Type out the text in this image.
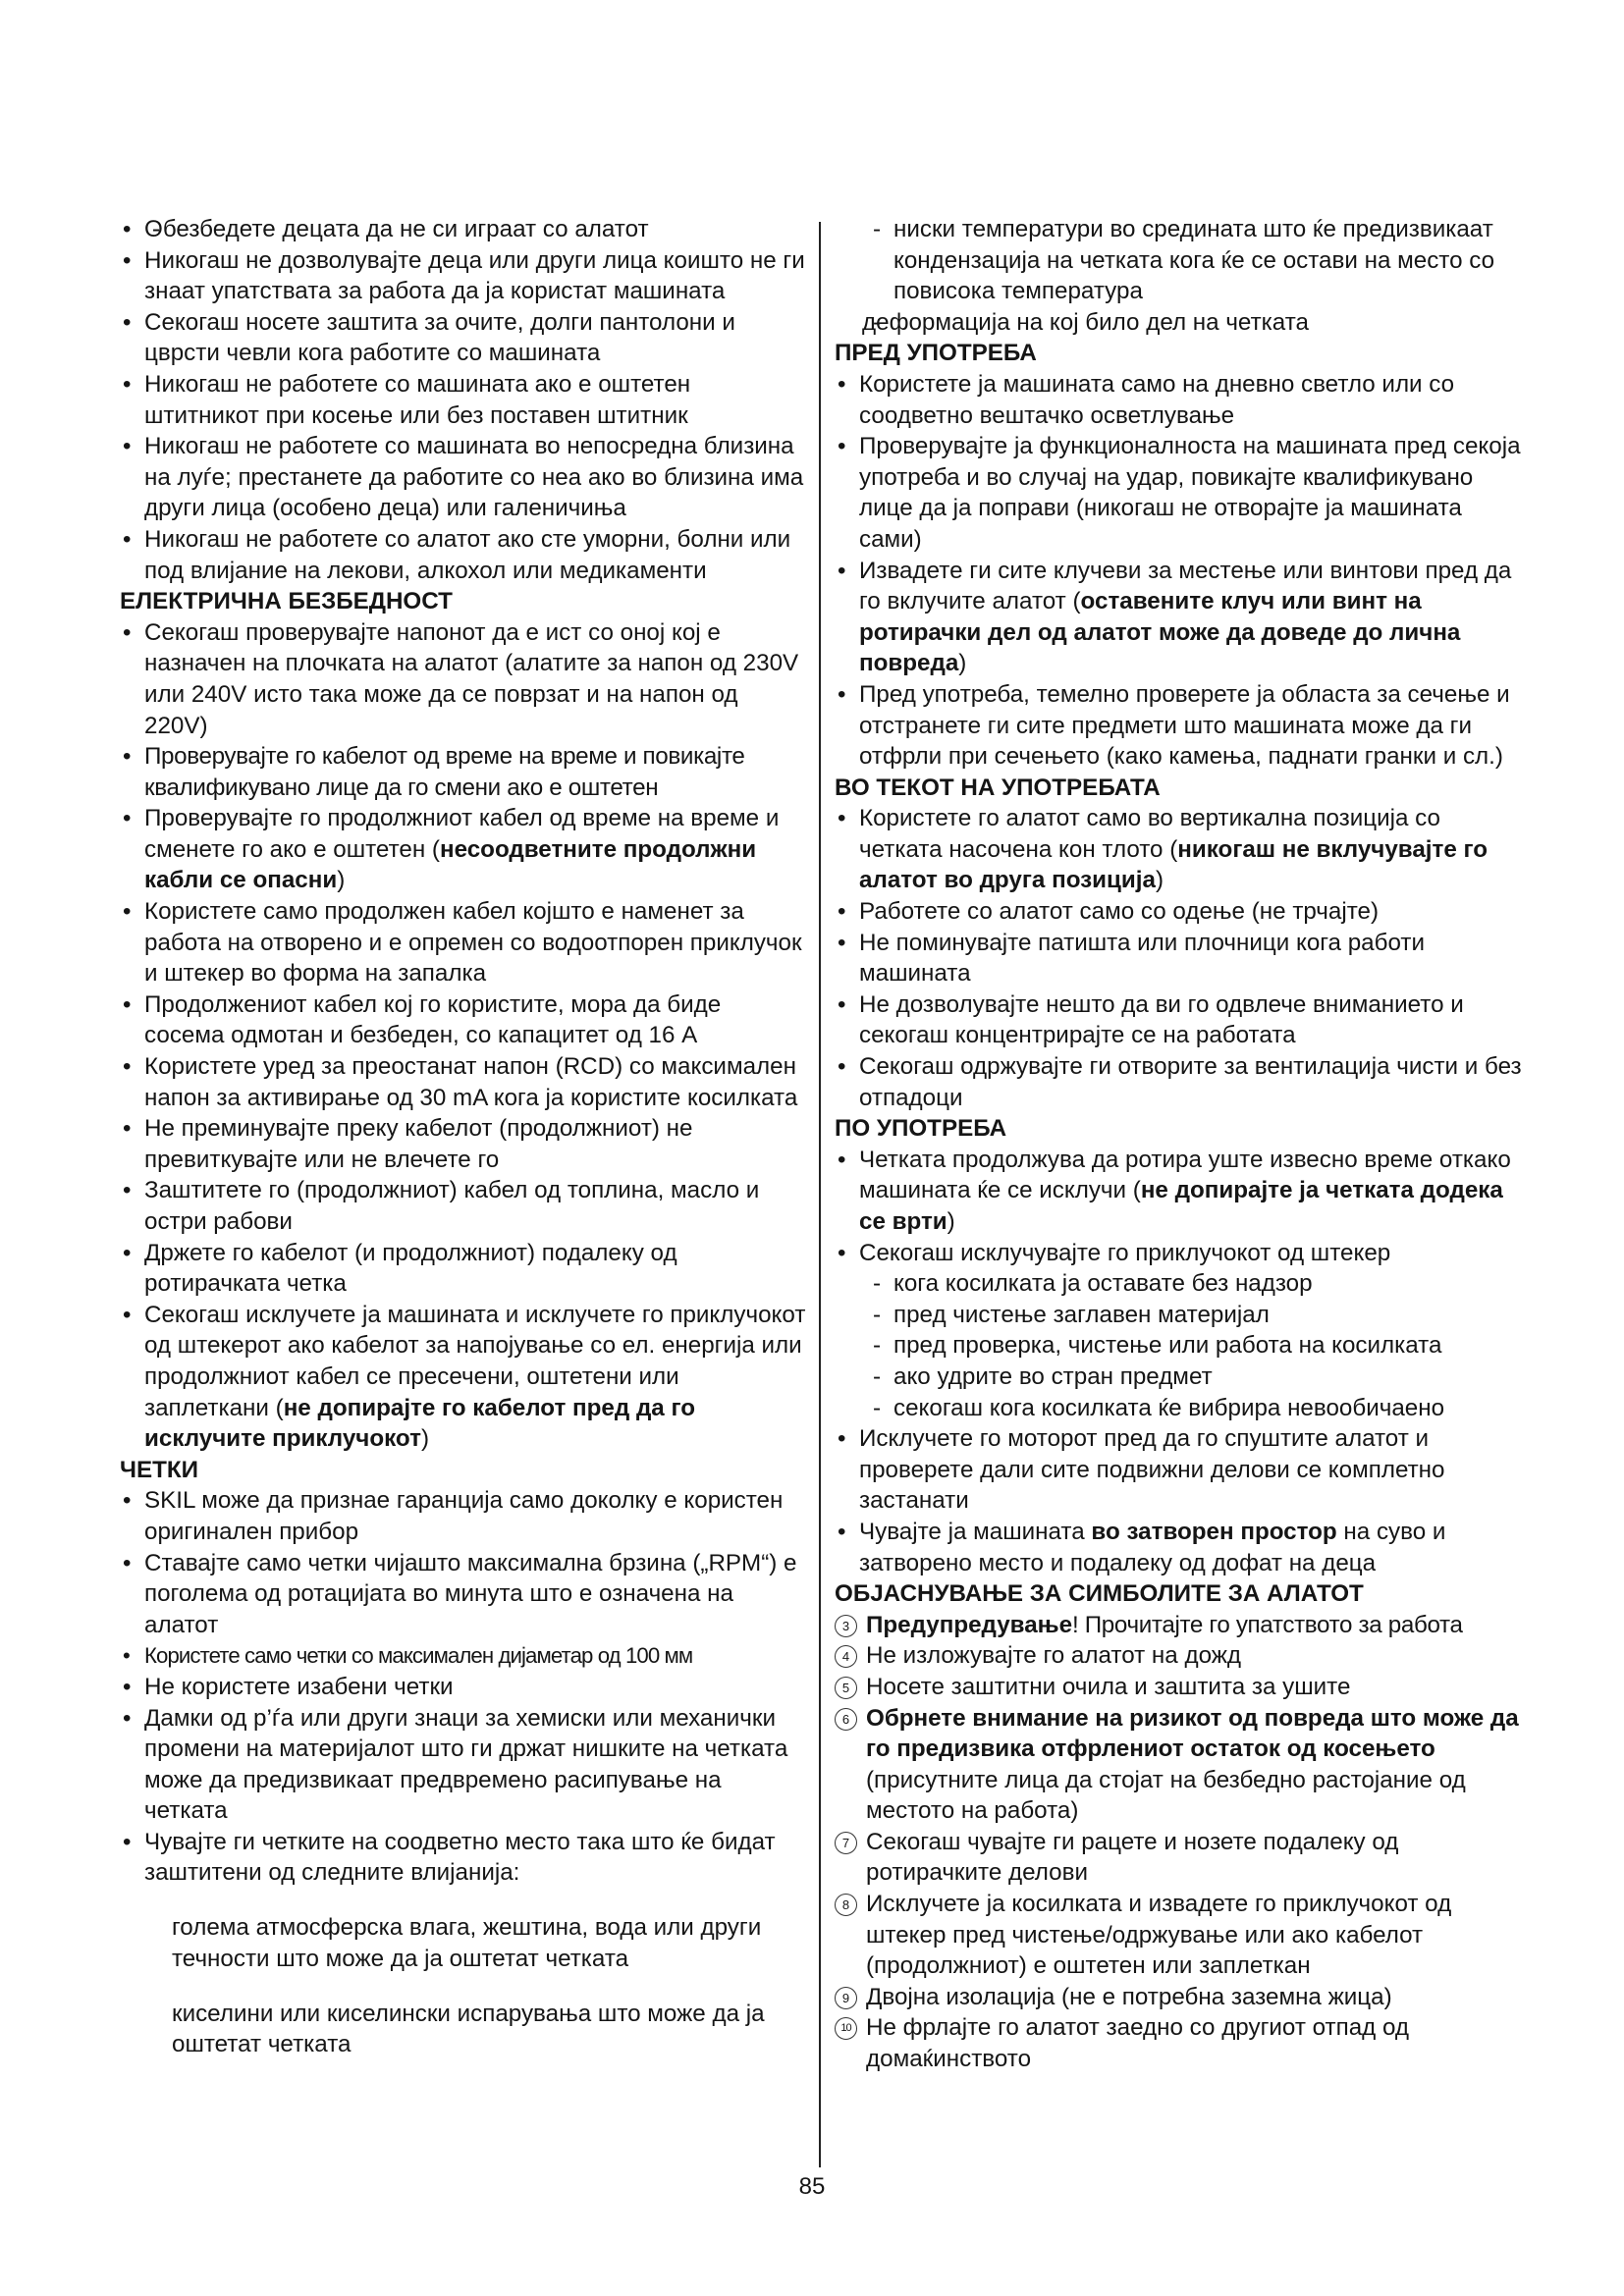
• Обезбедете децата да не си играат со алатот

• Никогаш не дозволувајте деца или други лица коишто не ги знаат упатствата за работа да ја користат машината

• Секогаш носете заштита за очите, долги пантолони и цврсти чевли кога работите со машината

• Никогаш не работете со машината ако е оштетен штитникот при косење или без поставен штитник

• Никогаш не работете со машината во непосредна близина на луѓе; престанете да работите со неа ако во близина има други лица (особено деца) или галеничиња

• Никогаш не работете со алатот ако сте уморни, болни или под влијание на лекови, алкохол или медикаменти

ЕЛЕКТРИЧНА БЕЗБЕДНОСТ

• Секогаш проверувајте напонот да е ист со оној кој е назначен на плочката на алатот (алатите за напон од 230V или 240V исто така може да се поврзат и на напон од 220V)

• Проверувајте го кабелот од време на време и повикајте квалификувано лице да го смени ако е оштетен

• Проверувајте го продолжниот кабел од време на време и сменете го ако е оштетен (несоодветните продолжни кабли се опасни)

• Користете само продолжен кабел којшто е наменет за работа на отворено и е опремен со водоотпорен приклучок и штекер во форма на запалка

• Продолжениот кабел кој го користите, мора да биде сосема одмотан и безбеден, со капацитет од 16 A

• Користете уред за преостанат напон (RCD) со максимален напон за активирање од 30 mA кога ја користите косилката

• Не преминувајте преку кабелот (продолжниот) не превиткувајте или не влечете го

• Заштитете го (продолжниот) кабел од топлина, масло и остри рабови

• Држете го кабелот (и продолжниот) подалеку од ротирачката четка

• Секогаш исклучете ја машината и исклучете го приклучокот од штекерот ако кабелот за напојување со ел. енергија или продолжниот кабел се пресечени, оштетени или заплеткани (не допирајте го кабелот пред да го исклучите приклучокот)

ЧЕТКИ

• SKIL може да признае гаранција само доколку е користен оригинален прибор

• Ставајте само четки чијашто максимална брзина („RPM“) е поголема од ротацијата во минута што е означена на алатот

• Користете само четки со максимален дијаметар од 100 мм

• Не користете изабени четки

• Дамки од р’ѓа или други знаци за хемиски или механички промени на материјалот што ги држат нишките на четката може да предизвикаат предвремено расипување на четката

• Чувајте ги четките на соодветно место така што ќе бидат заштитени од следните влијанија:

- голема атмосферска влага, жештина, вода или други течности што може да ја оштетат четката

- киселини или киселински испарувања што може да ја оштетат четката

- ниски температури во средината што ќе предизвикаат кондензација на четката кога ќе се остави на место со повисока температура

- деформација на кој било дел на четката

ПРЕД УПОТРЕБА

• Користете ја машината само на дневно светло или со соодветно вештачко осветлување

• Проверувајте ја функционалноста на машината пред секоја употреба и во случај на удар, повикајте квалификувано лице да ја поправи (никогаш не отворајте ја машината сами)

• Извадете ги сите клучеви за местење или винтови пред да го вклучите алатот (оставените клуч или винт на ротирачки дел од алатот може да доведе до лична повреда)

• Пред употреба, темелно проверете ја областа за сечење и отстранете ги сите предмети што машината може да ги отфрли при сечењето (како камења, паднати гранки и сл.)

ВО ТЕКОТ НА УПОТРЕБАТА

• Користете го алатот само во вертикална позиција со четката насочена кон тлото (никогаш не вклучувајте го алатот во друга позиција)

• Работете со алатот само со одење (не трчајте)

• Не поминувајте патишта или плочници кога работи машината

• Не дозволувајте нешто да ви го одвлече вниманието и секогаш концентрирајте се на работата

• Секогаш одржувајте ги отворите за вентилација чисти и без отпадоци

ПО УПОТРЕБА

• Четката продолжува да ротира уште извесно време откако машината ќе се исклучи (не допирајте ја четката додека се врти)

• Секогаш исклучувајте го приклучокот од штекер

- кога косилката ја оставате без надзор

- пред чистење заглавен материјал

- пред проверка, чистење или работа на косилката

- ако удрите во стран предмет

- секогаш кога косилката ќе вибрира невообичаено

• Исклучете го моторот пред да го спуштите алатот и проверете дали сите подвижни делови се комплетно застанати

• Чувајте ја машината во затворен простор на суво и затворено место и подалеку од дофат на деца

ОБЈАСНУВАЊЕ ЗА СИМБОЛИТЕ ЗА АЛАТОТ

3 Предупредување! Прочитајте го упатството за работа

4 Не изложувајте го алатот на дожд

5 Носете заштитни очила и заштита за ушите

6 Обрнете внимание на ризикот од повреда што може да го предизвика отфрлениот остаток од косењето (присутните лица да стојат на безбедно растојание од местото на работа)

7 Секогаш чувајте ги рацете и нозете подалеку од ротирачките делови

8 Исклучете ја косилката и извадете го приклучокот од штекер пред чистење/одржување или ако кабелот (продолжниот) е оштетен или заплеткан

9 Двојна изолација (не е потребна заземна жица)

10 Не фрлајте го алатот заедно со другиот отпад од домаќинството

85
